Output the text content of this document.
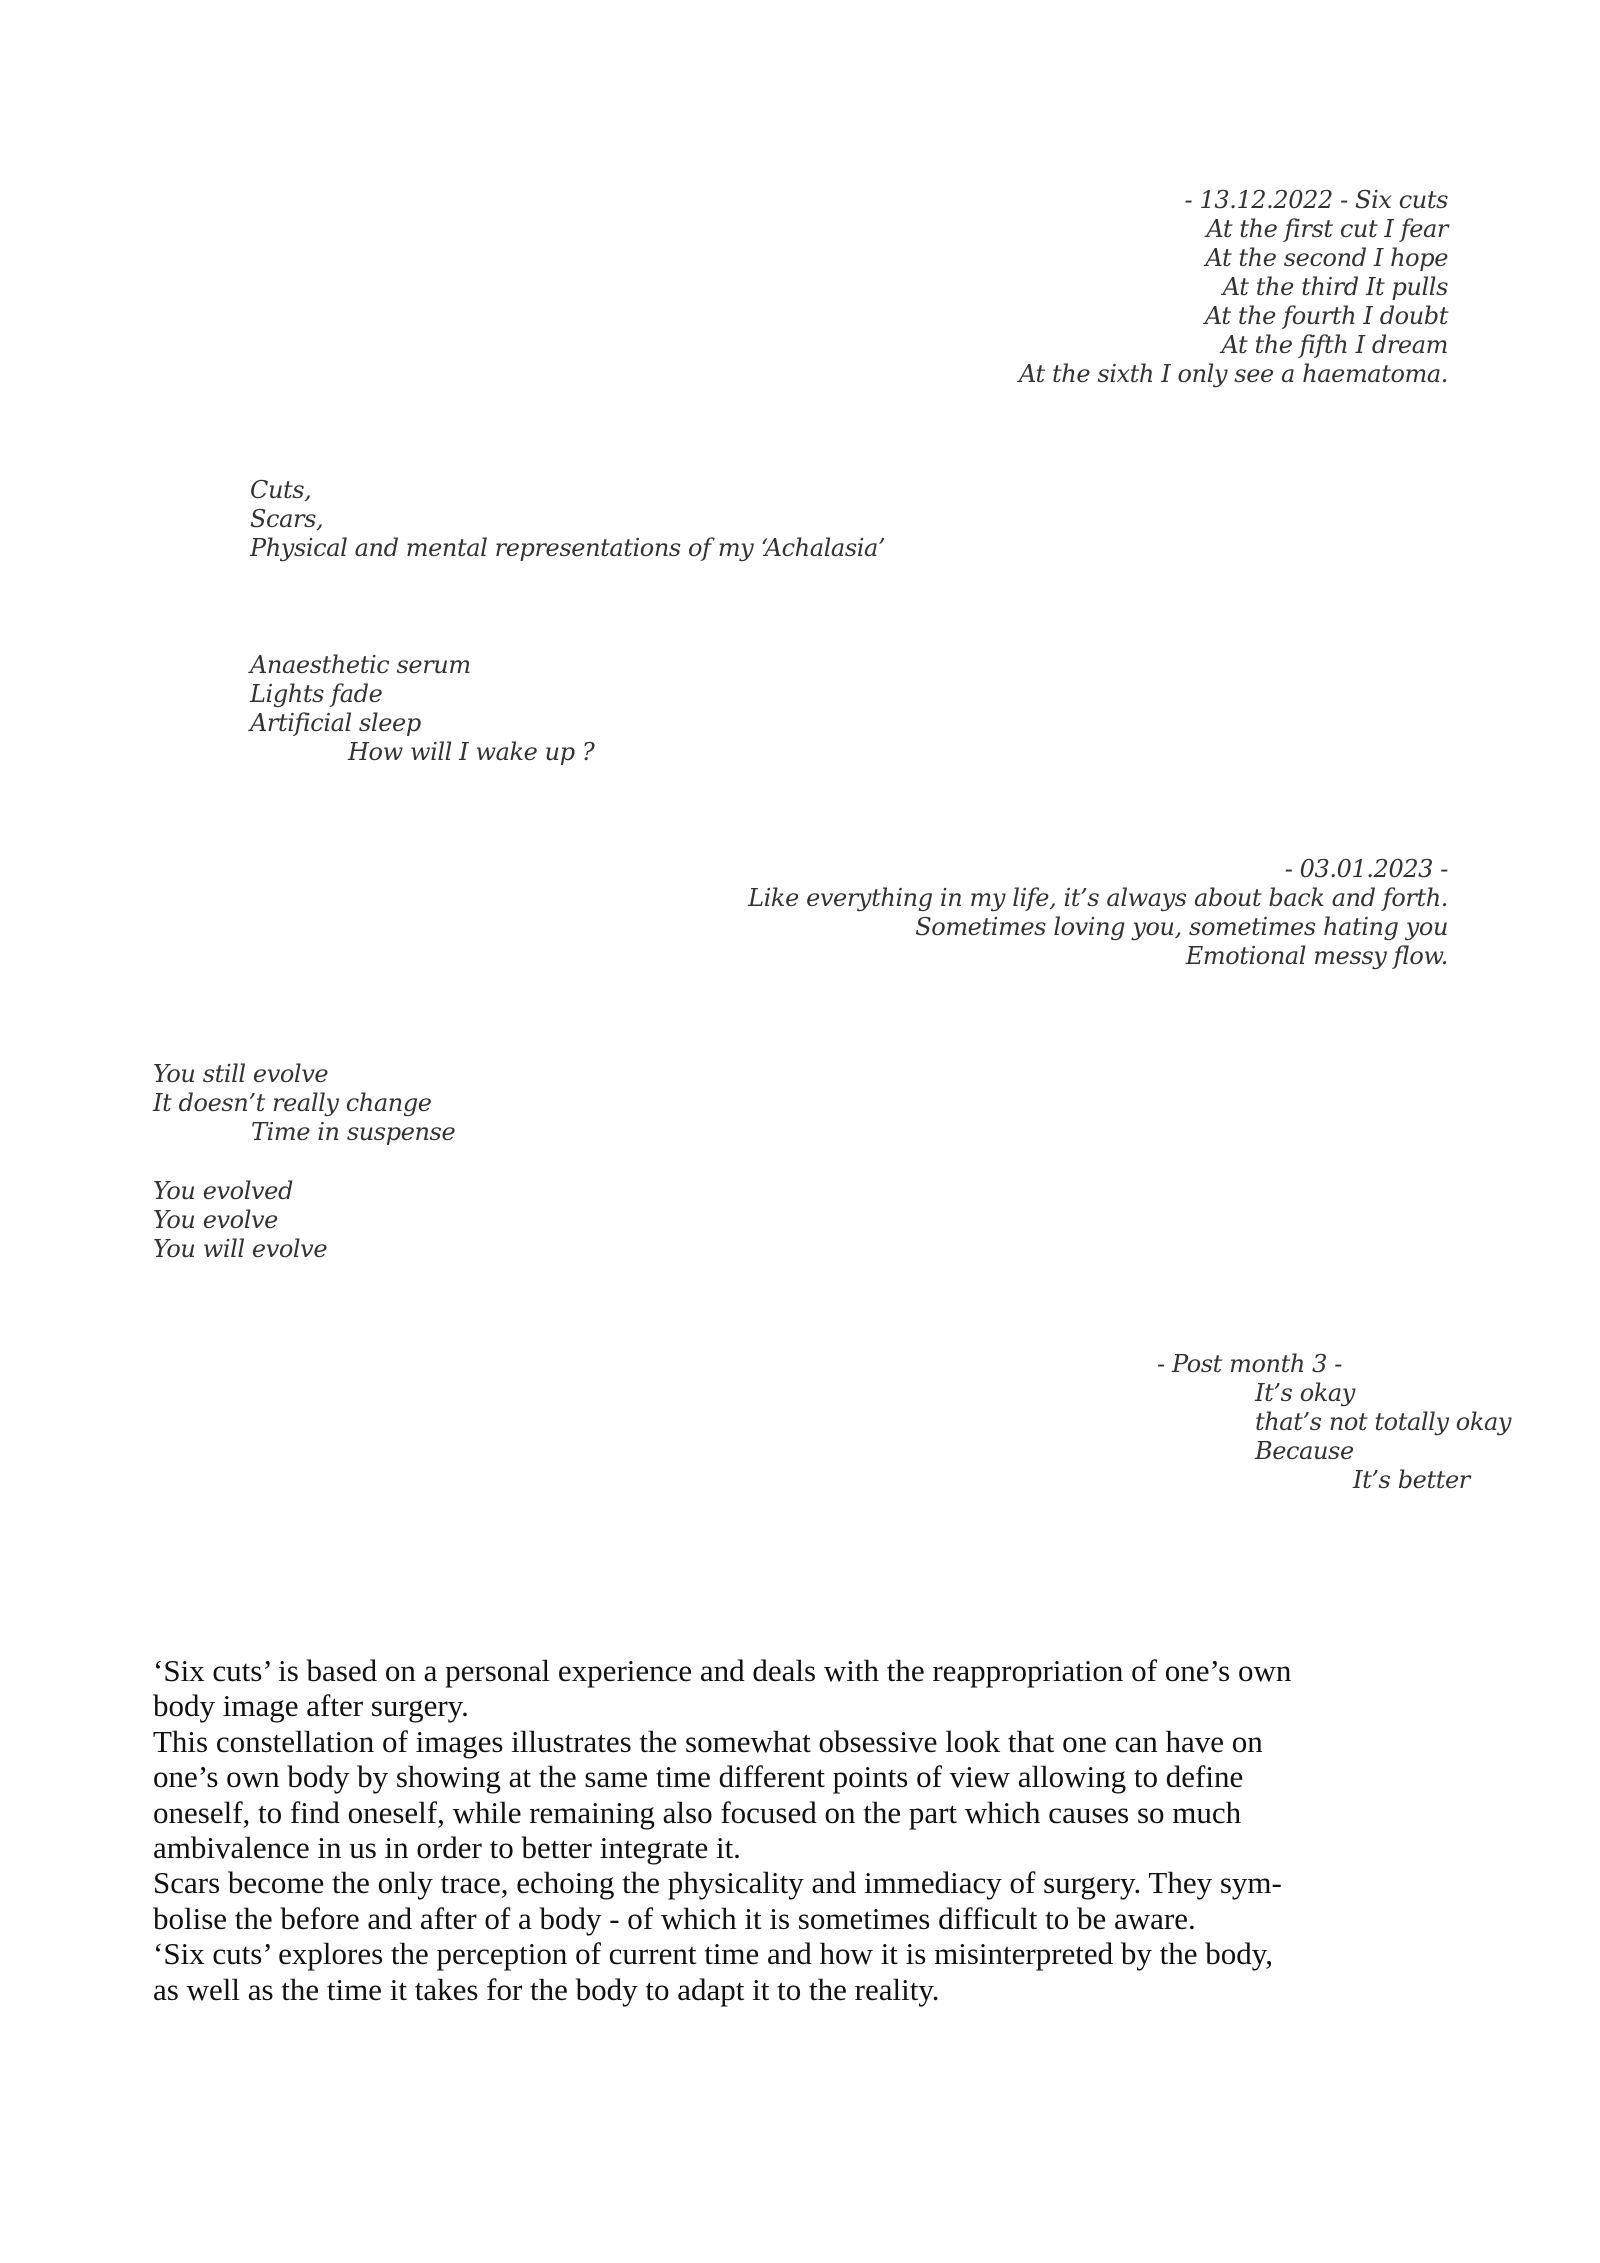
- 13.12.2022 - Six cuts
At the first cut I fear
At the second I hope
At the third It pulls
At the fourth I doubt
At the fifth I dream
At the sixth I only see a haematoma.
Cuts,
Scars,
Physical and mental representations of my ‘Achalasia’
Anaesthetic serum
Lights fade
Artificial sleep
How will I wake up ?
- 03.01.2023 -
Like everything in my life, it’s always about back and forth.
Sometimes loving you, sometimes hating you
Emotional messy flow.
You still evolve
It doesn’t really change
Time in suspense
You evolved
You evolve
You will evolve
- Post month 3 -
It’s okay
that’s not totally okay
Because
It’s better
‘Six cuts’ is based on a personal experience and deals with the reappropriation of one’s own
body image after surgery.
This constellation of images illustrates the somewhat obsessive look that one can have on
one’s own body by showing at the same time different points of view allowing to define
oneself, to find oneself, while remaining also focused on the part which causes so much
ambivalence in us in order to better integrate it.
Scars become the only trace, echoing the physicality and immediacy of surgery. They sym-
bolise the before and after of a body - of which it is sometimes difficult to be aware.
‘Six cuts’ explores the perception of current time and how it is misinterpreted by the body,
as well as the time it takes for the body to adapt it to the reality.
